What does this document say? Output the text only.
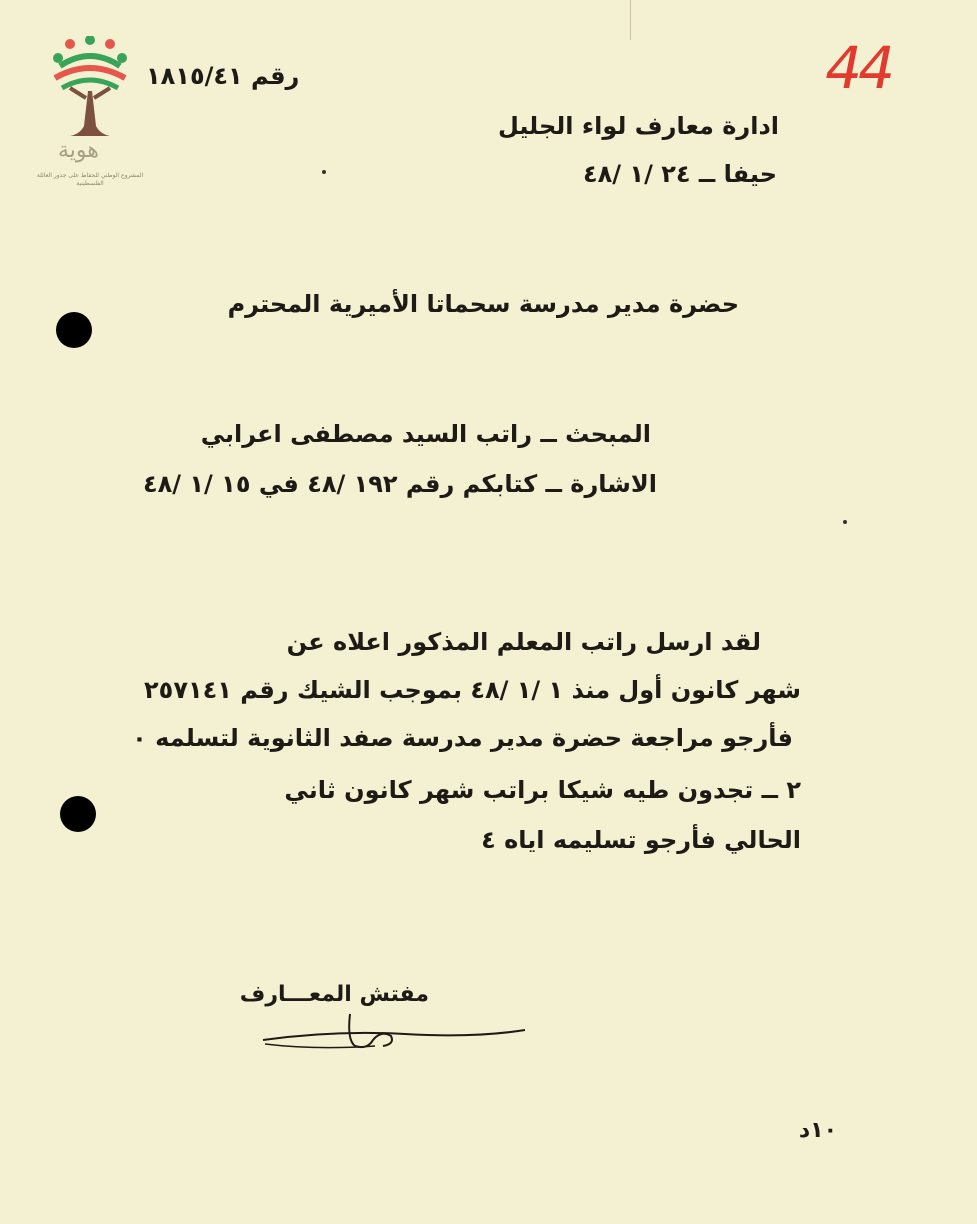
هوية
المشروع الوطني للحفاظ على جذور العائلة الفلسطينية
رقم ١٨١٥/٤١	44
ادارة معارف لواء الجليل
حيفا ــ ٢٤ /١ /٤٨
حضرة مدير مدرسة سحماتا الأميرية المحترم
المبحث ــ راتب السيد مصطفى اعرابي
الاشارة ــ كتابكم رقم ١٩٢ /٤٨ في ١٥ /١ /٤٨
لقد ارسل راتب المعلم المذكور اعلاه عن
شهر كانون أول منذ ١ /١ /٤٨ بموجب الشيك رقم ٢٥٧١٤١
فأرجو مراجعة حضرة مدير مدرسة صفد الثانوية لتسلمه ٠
٢ ــ تجدون طيه شيكا براتب شهر كانون ثاني
الحالي فأرجو تسليمه اياه ٤
مفتش المعـــارف
١٠د
